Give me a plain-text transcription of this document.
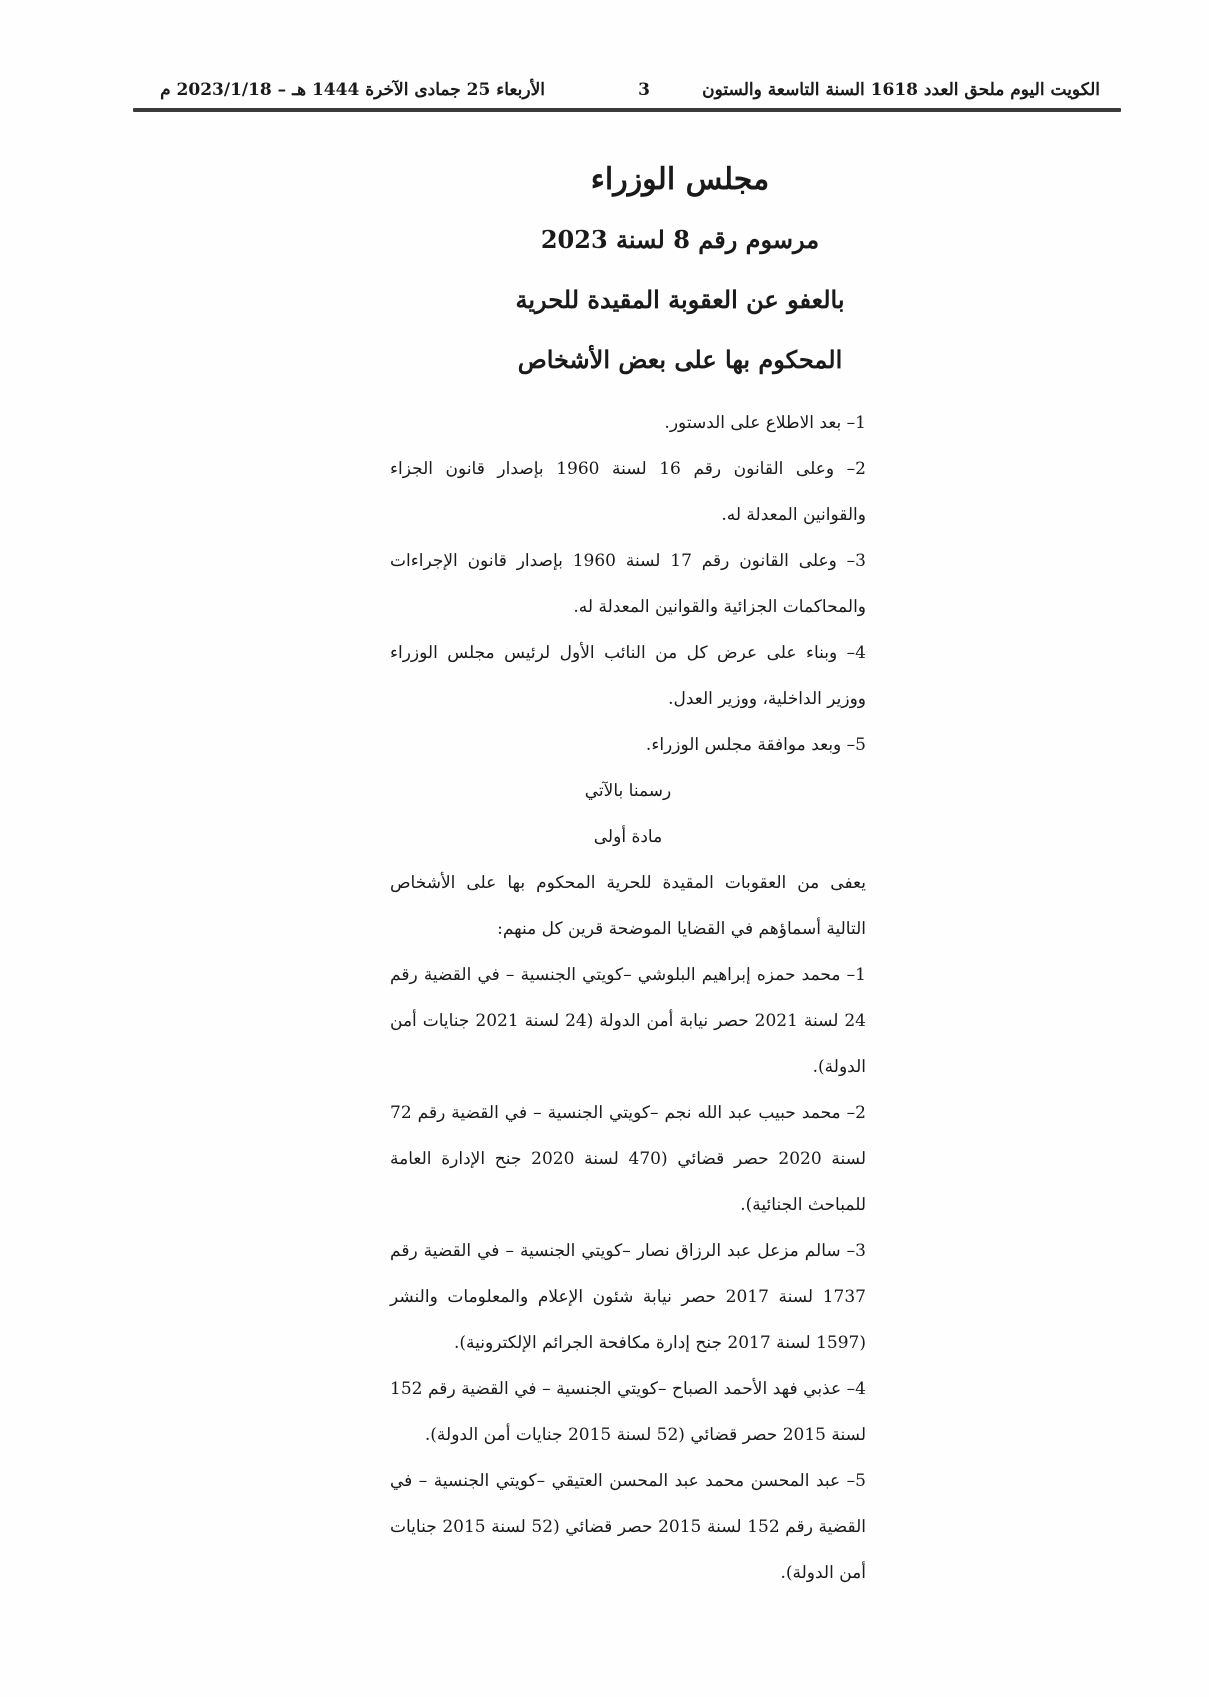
الكويت اليوم ملحق العدد 1618 السنة التاسعة والستون
3
الأربعاء 25 جمادى الآخرة 1444 هـ – 2023/1/18 م

مجلس الوزراء

مرسوم رقم 8 لسنة 2023

بالعفو عن العقوبة المقيدة للحرية

المحكوم بها على بعض الأشخاص

1– بعد الاطلاع على الدستور.

2– وعلى القانون رقم 16 لسنة 1960 بإصدار قانون الجزاء والقوانين المعدلة له.

3– وعلى القانون رقم 17 لسنة 1960 بإصدار قانون الإجراءات والمحاكمات الجزائية والقوانين المعدلة له.

4– وبناء على عرض كل من النائب الأول لرئيس مجلس الوزراء ووزير الداخلية، ووزير العدل.

5– وبعد موافقة مجلس الوزراء.

رسمنا بالآتي

مادة أولى

يعفى من العقوبات المقيدة للحرية المحكوم بها على الأشخاص التالية أسماؤهم في القضايا الموضحة قرين كل منهم:

1– محمد حمزه إبراهيم البلوشي –كويتي الجنسية – في القضية رقم 24 لسنة 2021 حصر نيابة أمن الدولة (24 لسنة 2021 جنايات أمن الدولة).

2– محمد حبيب عبد الله نجم –كويتي الجنسية – في القضية رقم 72 لسنة 2020 حصر قضائي (470 لسنة 2020 جنح الإدارة العامة للمباحث الجنائية).

3– سالم مزعل عبد الرزاق نصار –كويتي الجنسية – في القضية رقم 1737 لسنة 2017 حصر نيابة شئون الإعلام والمعلومات والنشر (1597 لسنة 2017 جنح إدارة مكافحة الجرائم الإلكترونية).

4– عذبي فهد الأحمد الصباح –كويتي الجنسية – في القضية رقم 152 لسنة 2015 حصر قضائي (52 لسنة 2015 جنايات أمن الدولة).

5– عبد المحسن محمد عبد المحسن العتيقي –كويتي الجنسية – في القضية رقم 152 لسنة 2015 حصر قضائي (52 لسنة 2015 جنايات أمن الدولة).
